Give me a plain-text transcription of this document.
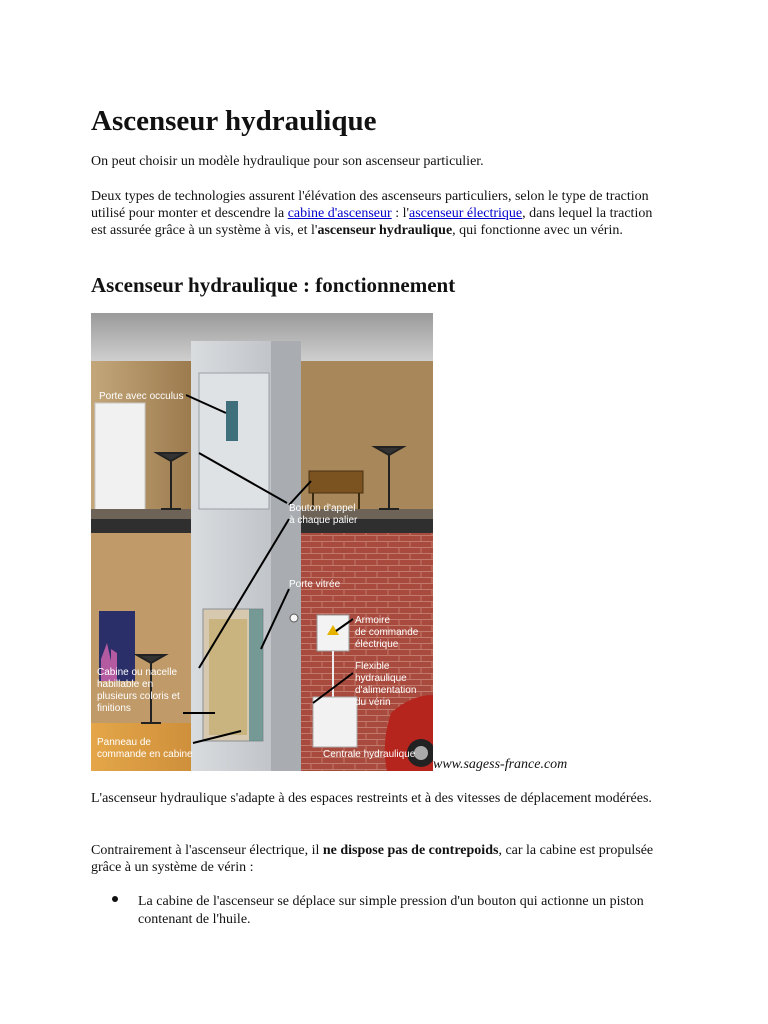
Ascenseur hydraulique

On peut choisir un modèle hydraulique pour son ascenseur particulier.

Deux types de technologies assurent l'élévation des ascenseurs particuliers, selon le type de traction utilisé pour monter et descendre la cabine d'ascenseur : l'ascenseur électrique, dans lequel la traction est assurée grâce à un système à vis, et l'ascenseur hydraulique, qui fonctionne avec un vérin.

Ascenseur hydraulique : fonctionnement

L'ascenseur hydraulique s'adapte à des espaces restreints et à des vitesses de déplacement modérées.

Contrairement à l'ascenseur électrique, il ne dispose pas de contrepoids, car la cabine est propulsée grâce à un système de vérin :

La cabine de l'ascenseur se déplace sur simple pression d'un bouton qui actionne un piston contenant de l'huile.
Porte avec occulus
Bouton d'appel
à chaque palier
Porte vitrée
Armoire
de commande
électrique
Flexible
hydraulique
d'alimentation
du vérin
Cabine ou nacelle
habillable en
plusieurs coloris et
finitions
Panneau de
commande en cabine	Centrale hydraulique
www.sagess-france.com
